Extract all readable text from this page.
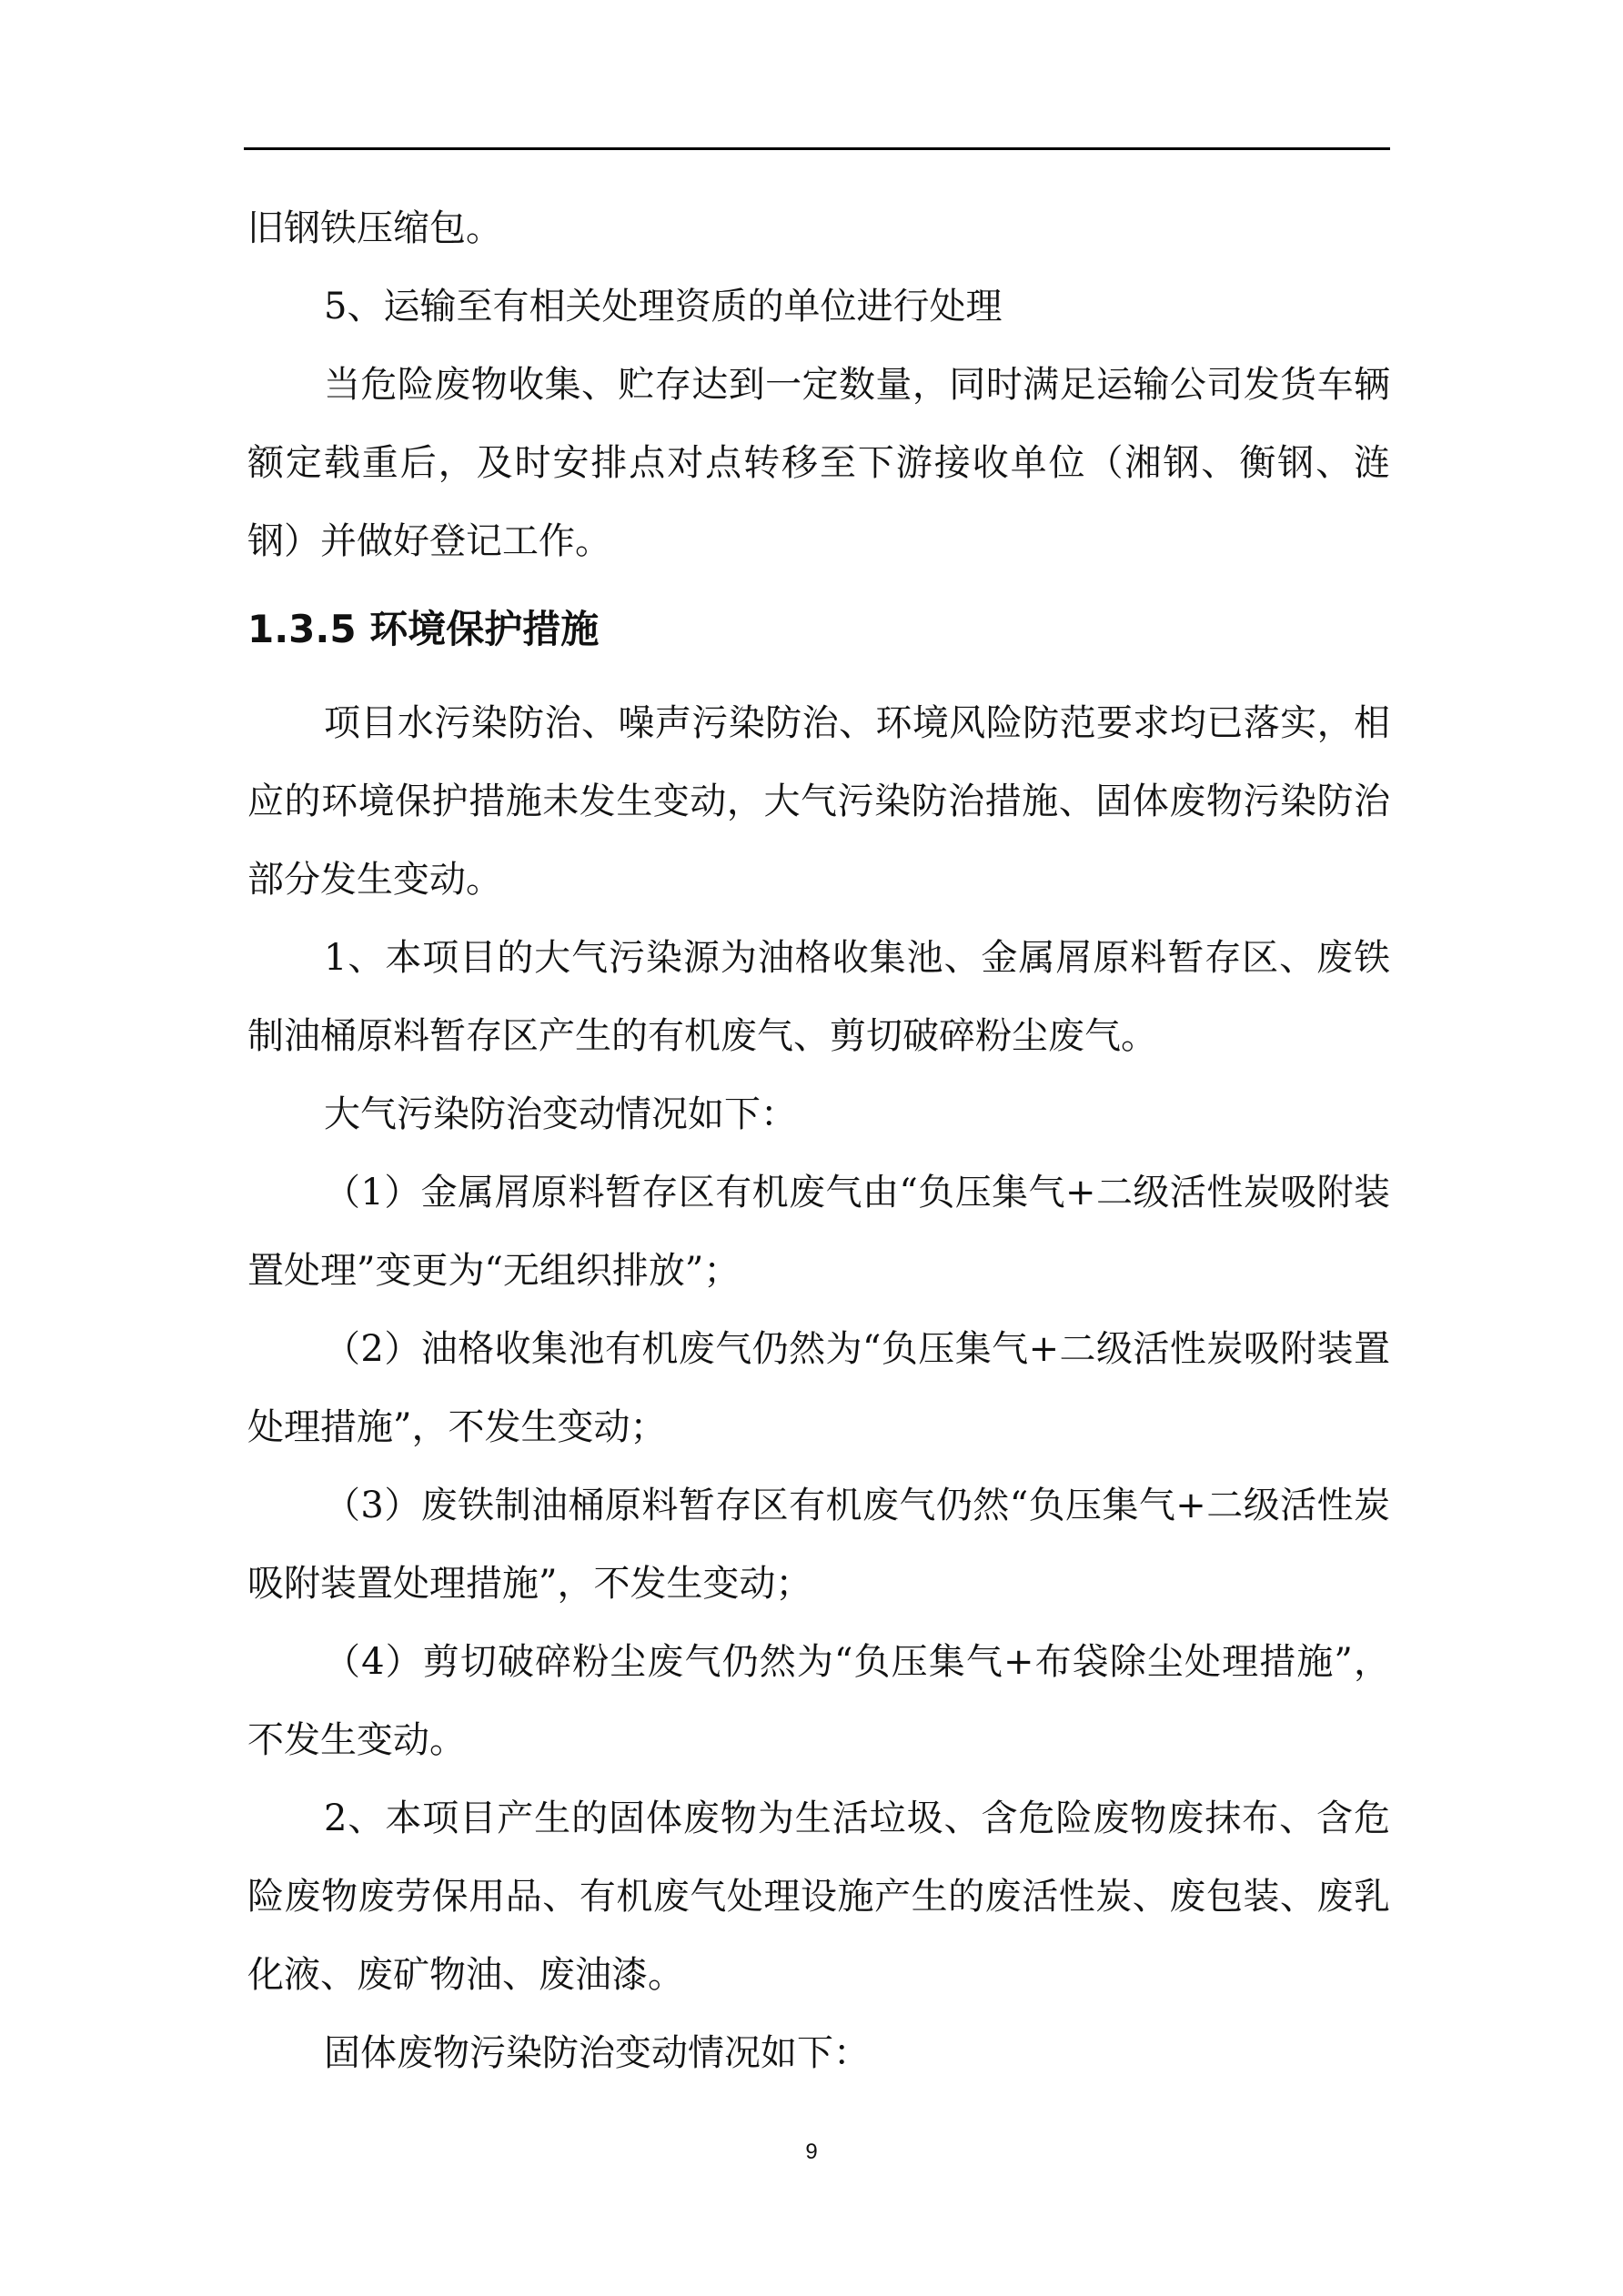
旧钢铁压缩包。

5、运输至有相关处理资质的单位进行处理

当危险废物收集、贮存达到一定数量，同时满足运输公司发货车辆额定载重后，及时安排点对点转移至下游接收单位（湘钢、衡钢、涟钢）并做好登记工作。

1.3.5 环境保护措施

项目水污染防治、噪声污染防治、环境风险防范要求均已落实，相应的环境保护措施未发生变动，大气污染防治措施、固体废物污染防治部分发生变动。

1、本项目的大气污染源为油格收集池、金属屑原料暂存区、废铁制油桶原料暂存区产生的有机废气、剪切破碎粉尘废气。

大气污染防治变动情况如下：

（1）金属屑原料暂存区有机废气由“负压集气+二级活性炭吸附装置处理”变更为“无组织排放”；

（2）油格收集池有机废气仍然为“负压集气+二级活性炭吸附装置处理措施”，不发生变动；

（3）废铁制油桶原料暂存区有机废气仍然“负压集气+二级活性炭吸附装置处理措施”，不发生变动；

（4）剪切破碎粉尘废气仍然为“负压集气+布袋除尘处理措施”，不发生变动。

2、本项目产生的固体废物为生活垃圾、含危险废物废抹布、含危险废物废劳保用品、有机废气处理设施产生的废活性炭、废包装、废乳化液、废矿物油、废油漆。

固体废物污染防治变动情况如下：

9
